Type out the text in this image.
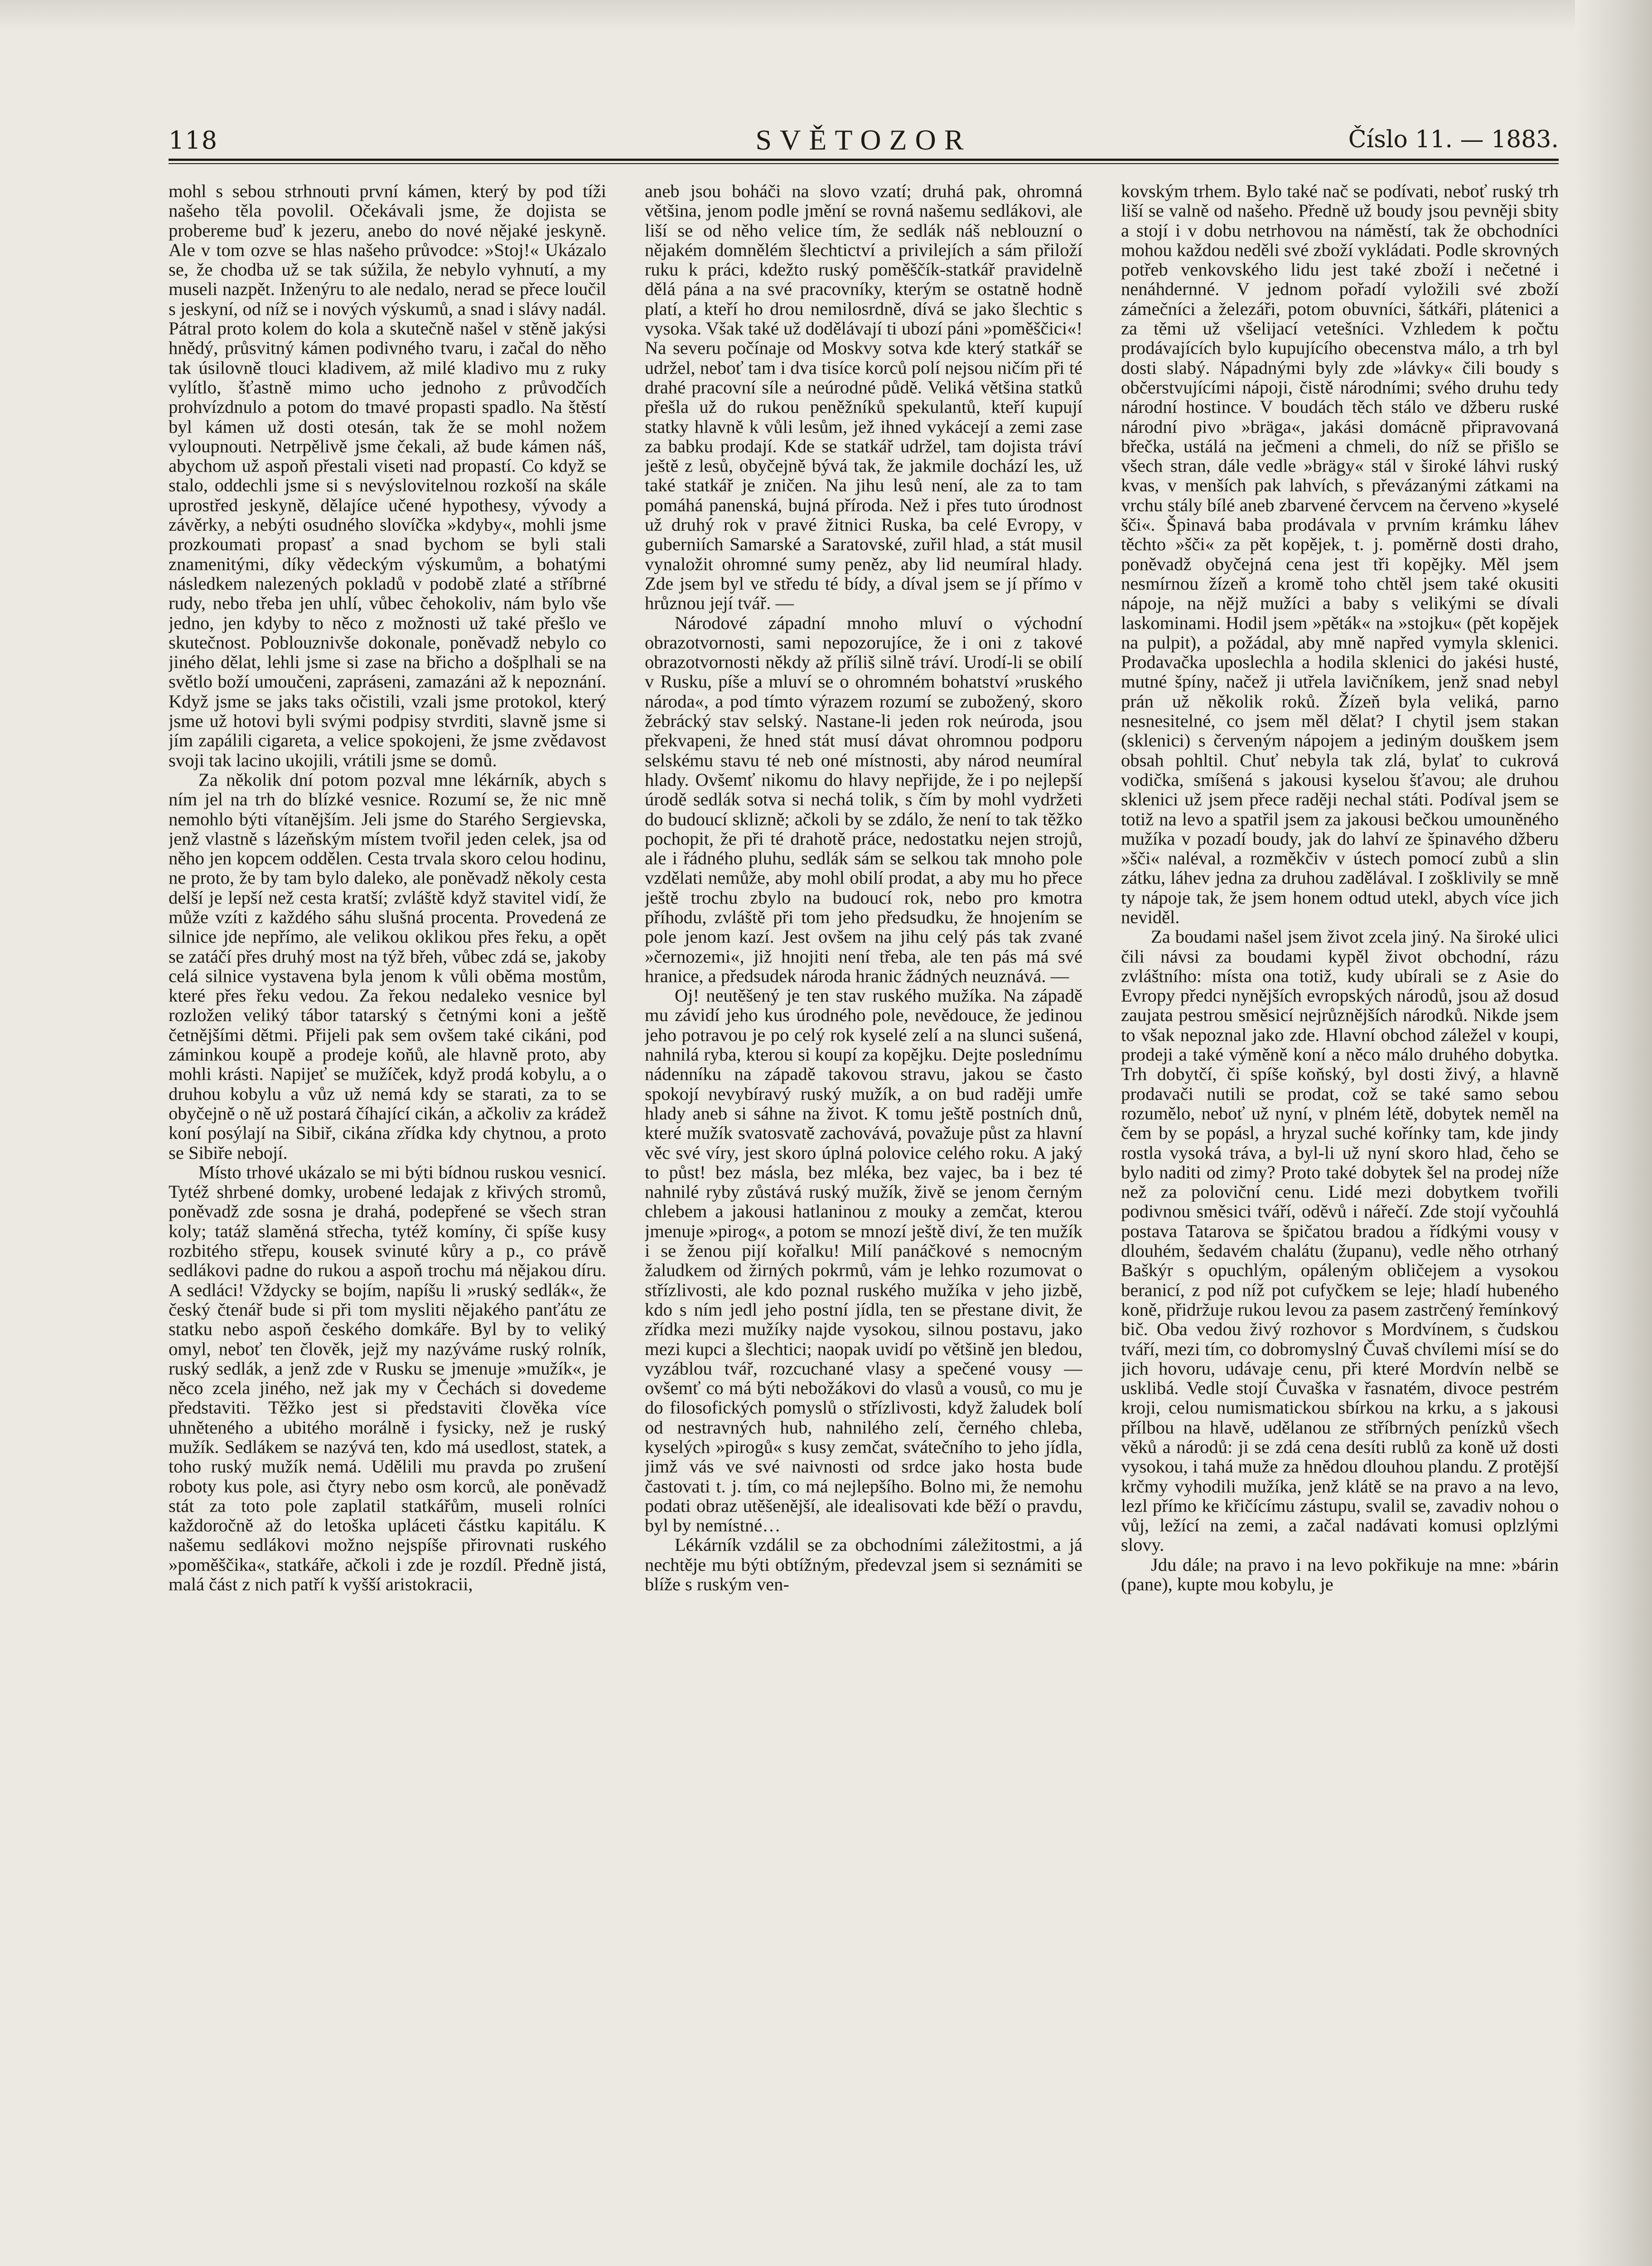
118	SVĚTOZOR	Číslo 11. — 1883.

mohl s sebou strhnouti první kámen, který by pod tíži našeho těla povolil. Očekávali jsme, že dojista se probereme buď k jezeru, anebo do nové nějaké jeskyně. Ale v tom ozve se hlas našeho průvodce: »Stoj!« Ukázalo se, že chodba už se tak súžila, že nebylo vyhnutí, a my museli nazpět. Inženýru to ale nedalo, nerad se přece loučil s jeskyní, od níž se i nových výskumů, a snad i slávy nadál. Pátral proto kolem do kola a skutečně našel v stěně jakýsi hnědý, průsvitný kámen podivného tvaru, i začal do něho tak úsilovně tlouci kladivem, až milé kladivo mu z ruky vylítlo, šťastně mimo ucho jednoho z průvodčích prohvízdnulo a potom do tmavé propasti spadlo. Na štěstí byl kámen už dosti otesán, tak že se mohl nožem vyloupnouti. Netrpělivě jsme čekali, až bude kámen náš, abychom už aspoň přestali viseti nad propastí. Co když se stalo, oddechli jsme si s nevýslovitelnou rozkoší na skále uprostřed jeskyně, dělajíce učené hypothesy, vývody a závěrky, a nebýti osudného slovíčka »kdyby«, mohli jsme prozkoumati propasť a snad bychom se byli stali znamenitými, díky vědeckým výskumům, a bohatými následkem nalezených pokladů v podobě zlaté a stříbrné rudy, nebo třeba jen uhlí, vůbec čehokoliv, nám bylo vše jedno, jen kdyby to něco z možnosti už také přešlo ve skutečnost. Poblouznivše dokonale, poněvadž nebylo co jiného dělat, lehli jsme si zase na břicho a došplhali se na světlo boží umoučeni, zapráseni, zamazáni až k nepoznání. Když jsme se jaks taks očistili, vzali jsme protokol, který jsme už hotovi byli svými podpisy stvrditi, slavně jsme si jím zapálili cigareta, a velice spokojeni, že jsme zvědavost svoji tak lacino ukojili, vrátili jsme se domů.

Za několik dní potom pozval mne lékárník, abych s ním jel na trh do blízké vesnice. Rozumí se, že nic mně nemohlo býti vítanějším. Jeli jsme do Starého Sergievska, jenž vlastně s lázeňským místem tvořil jeden celek, jsa od něho jen kopcem oddělen. Cesta trvala skoro celou hodinu, ne proto, že by tam bylo daleko, ale poněvadž několy cesta delší je lepší než cesta kratší; zvláště když stavitel vidí, že může vzíti z každého sáhu slušná procenta. Provedená ze silnice jde nepřímo, ale velikou oklikou přes řeku, a opět se zatáčí přes druhý most na týž břeh, vůbec zdá se, jakoby celá silnice vystavena byla jenom k vůli oběma mostům, které přes řeku vedou. Za řekou nedaleko vesnice byl rozložen veliký tábor tatarský s četnými koni a ještě četnějšími dětmi. Přijeli pak sem ovšem také cikáni, pod záminkou koupě a prodeje koňů, ale hlavně proto, aby mohli krásti. Napijeť se mužíček, když prodá kobylu, a o druhou kobylu a vůz už nemá kdy se starati, za to se obyčejně o ně už postará číhající cikán, a ačkoliv za krádež koní posýlají na Sibiř, cikána zřídka kdy chytnou, a proto se Sibiře nebojí.

Místo trhové ukázalo se mi býti bídnou ruskou vesnicí. Tytéž shrbené domky, urobené ledajak z křivých stromů, poněvadž zde sosna je drahá, podepřené se všech stran koly; tatáž slaměná střecha, tytéž komíny, či spíše kusy rozbitého střepu, kousek svinuté kůry a p., co právě sedlákovi padne do rukou a aspoň trochu má nějakou díru. A sedláci! Vždycky se bojím, napíšu li »ruský sedlák«, že český čtenář bude si při tom mysliti nějakého panťátu ze statku nebo aspoň českého domkáře. Byl by to veliký omyl, neboť ten člověk, jejž my nazýváme ruský rolník, ruský sedlák, a jenž zde v Rusku se jmenuje »mužík«, je něco zcela jiného, než jak my v Čechách si dovedeme představiti. Těžko jest si představiti člověka více uhněteného a ubitého morálně i fysicky, než je ruský mužík. Sedlákem se nazývá ten, kdo má usedlost, statek, a toho ruský mužík nemá. Udělili mu pravda po zrušení roboty kus pole, asi čtyry nebo osm korců, ale poněvadž stát za toto pole zaplatil statkářům, museli rolníci každoročně až do letoška upláceti částku kapitálu. K našemu sedlákovi možno nejspíše přirovnati ruského »poměščika«, statkáře, ačkoli i zde je rozdíl. Předně jistá, malá část z nich patří k vyšší aristokracii,

aneb jsou boháči na slovo vzatí; druhá pak, ohromná většina, jenom podle jmění se rovná našemu sedlákovi, ale liší se od něho velice tím, že sedlák náš neblouzní o nějakém domnělém šlechtictví a privilejích a sám přiloží ruku k práci, kdežto ruský poměščík-statkář pravidelně dělá pána a na své pracovníky, kterým se ostatně hodně platí, a kteří ho drou nemilosrdně, dívá se jako šlechtic s vysoka. Však také už dodělávají ti ubozí páni »poměščici«! Na severu počínaje od Moskvy sotva kde který statkář se udržel, neboť tam i dva tisíce korců polí nejsou ničím při té drahé pracovní síle a neúrodné půdě. Veliká většina statků přešla už do rukou peněžníků spekulantů, kteří kupují statky hlavně k vůli lesům, jež ihned vykácejí a zemi zase za babku prodají. Kde se statkář udržel, tam dojista tráví ještě z lesů, obyčejně bývá tak, že jakmile dochází les, už také statkář je zničen. Na jihu lesů není, ale za to tam pomáhá panenská, bujná příroda. Než i přes tuto úrodnost už druhý rok v pravé žitnici Ruska, ba celé Evropy, v guberniích Samarské a Saratovské, zuřil hlad, a stát musil vynaložit ohromné sumy peněz, aby lid neumíral hlady. Zde jsem byl ve středu té bídy, a díval jsem se jí přímo v hrůznou její tvář. —

Národové západní mnoho mluví o východní obrazotvornosti, sami nepozorujíce, že i oni z takové obrazotvornosti někdy až příliš silně tráví. Urodí-li se obilí v Rusku, píše a mluví se o ohromném bohatství »ruského národa«, a pod tímto výrazem rozumí se zubožený, skoro žebrácký stav selský. Nastane-li jeden rok neúroda, jsou překvapeni, že hned stát musí dávat ohromnou podporu selskému stavu té neb oné místnosti, aby národ neumíral hlady. Ovšemť nikomu do hlavy nepřijde, že i po nejlepší úrodě sedlák sotva si nechá tolik, s čím by mohl vydržeti do budoucí sklizně; ačkoli by se zdálo, že není to tak těžko pochopit, že při té drahotě práce, nedostatku nejen strojů, ale i řádného pluhu, sedlák sám se selkou tak mnoho pole vzdělati nemůže, aby mohl obilí prodat, a aby mu ho přece ještě trochu zbylo na budoucí rok, nebo pro kmotra příhodu, zvláště při tom jeho předsudku, že hnojením se pole jenom kazí. Jest ovšem na jihu celý pás tak zvané »černozemi«, již hnojiti není třeba, ale ten pás má své hranice, a předsudek národa hranic žádných neuznává. —

Oj! neutěšený je ten stav ruského mužíka. Na západě mu závidí jeho kus úrodného pole, nevědouce, že jedinou jeho potravou je po celý rok kyselé zelí a na slunci sušená, nahnilá ryba, kterou si koupí za kopějku. Dejte poslednímu nádenníku na západě takovou stravu, jakou se často spokojí nevybíravý ruský mužík, a on bud raději umře hlady aneb si sáhne na život. K tomu ještě postních dnů, které mužík svatosvatě zachovává, považuje půst za hlavní věc své víry, jest skoro úplná polovice celého roku. A jaký to půst! bez másla, bez mléka, bez vajec, ba i bez té nahnilé ryby zůstává ruský mužík, živě se jenom černým chlebem a jakousi hatlaninou z mouky a zemčat, kterou jmenuje »pirog«, a potom se mnozí ještě diví, že ten mužík i se ženou pijí kořalku! Milí panáčkové s nemocným žaludkem od žirných pokrmů, vám je lehko rozumovat o střízlivosti, ale kdo poznal ruského mužíka v jeho jizbě, kdo s ním jedl jeho postní jídla, ten se přestane divit, že zřídka mezi mužíky najde vysokou, silnou postavu, jako mezi kupci a šlechtici; naopak uvidí po většině jen bledou, vyzáblou tvář, rozcuchané vlasy a spečené vousy — ovšemť co má býti nebožákovi do vlasů a vousů, co mu je do filosofických pomyslů o střízlivosti, když žaludek bolí od nestravných hub, nahnilého zelí, černého chleba, kyselých »pirogů« s kusy zemčat, svátečního to jeho jídla, jimž vás ve své naivnosti od srdce jako hosta bude častovati t. j. tím, co má nejlepšího. Bolno mi, že nemohu podati obraz utěšenější, ale idealisovati kde běží o pravdu, byl by nemístné…

Lékárník vzdálil se za obchodními záležitostmi, a já nechtěje mu býti obtížným, předevzal jsem si seznámiti se blíže s ruským ven-

kovským trhem. Bylo také nač se podívati, neboť ruský trh liší se valně od našeho. Předně už boudy jsou pevněji sbity a stojí i v dobu netrhovou na náměstí, tak že obchodníci mohou každou neděli své zboží vykládati. Podle skrovných potřeb venkovského lidu jest také zboží i nečetné i nenáhdernné. V jednom pořadí vyložili své zboží zámečníci a železáři, potom obuvníci, šátkáři, plátenici a za těmi už všelijací vetešníci. Vzhledem k počtu prodávajících bylo kupujícího obecenstva málo, a trh byl dosti slabý. Nápadnými byly zde »lávky« čili boudy s občerstvujícími nápoji, čistě národními; svého druhu tedy národní hostince. V boudách těch stálo ve džberu ruské národní pivo »bräga«, jakási domácně připravovaná břečka, ustálá na ječmeni a chmeli, do níž se přišlo se všech stran, dále vedle »brägy« stál v široké láhvi ruský kvas, v menších pak lahvích, s převázanými zátkami na vrchu stály bílé aneb zbarvené červcem na červeno »kyselé šči«. Špinavá baba prodávala v prvním krámku láhev těchto »šči« za pět kopějek, t. j. poměrně dosti draho, poněvadž obyčejná cena jest tři kopějky. Měl jsem nesmírnou žízeň a kromě toho chtěl jsem také okusiti nápoje, na nějž mužíci a baby s velikými se dívali laskominami. Hodil jsem »pěták« na »stojku« (pět kopějek na pulpit), a požádal, aby mně napřed vymyla sklenici. Prodavačka uposlechla a hodila sklenici do jakési husté, mutné špíny, načež ji utřela lavičníkem, jenž snad nebyl prán už několik roků. Žízeň byla veliká, parno nesnesitelné, co jsem měl dělat? I chytil jsem stakan (sklenici) s červeným nápojem a jediným douškem jsem obsah pohltil. Chuť nebyla tak zlá, bylať to cukrová vodička, smíšená s jakousi kyselou šťavou; ale druhou sklenici už jsem přece raději nechal státi. Podíval jsem se totiž na levo a spatřil jsem za jakousi bečkou umouněného mužíka v pozadí boudy, jak do lahví ze špinavého džberu »šči« naléval, a rozměkčiv v ústech pomocí zubů a slin zátku, láhev jedna za druhou zadělával. I zošklivily se mně ty nápoje tak, že jsem honem odtud utekl, abych více jich neviděl.

Za boudami našel jsem život zcela jiný. Na široké ulici čili návsi za boudami kypěl život obchodní, rázu zvláštního: místa ona totiž, kudy ubírali se z Asie do Evropy předci nynějších evropských národů, jsou až dosud zaujata pestrou směsicí nejrůznějších národků. Nikde jsem to však nepoznal jako zde. Hlavní obchod záležel v koupi, prodeji a také výměně koní a něco málo druhého dobytka. Trh dobytčí, či spíše koňský, byl dosti živý, a hlavně prodavači nutili se prodat, což se také samo sebou rozumělo, neboť už nyní, v plném létě, dobytek neměl na čem by se popásl, a hryzal suché kořínky tam, kde jindy rostla vysoká tráva, a byl-li už nyní skoro hlad, čeho se bylo naditi od zimy? Proto také dobytek šel na prodej níže než za poloviční cenu. Lidé mezi dobytkem tvořili podivnou směsici tváří, oděvů i nářečí. Zde stojí vyčouhlá postava Tatarova se špičatou bradou a řídkými vousy v dlouhém, šedavém chalátu (županu), vedle něho otrhaný Baškýr s opuchlým, opáleným obličejem a vysokou beranicí, z pod níž pot cufyčkem se leje; hladí hubeného koně, přidržuje rukou levou za pasem zastrčený řemínkový bič. Oba vedou živý rozhovor s Mordvínem, s čudskou tváří, mezi tím, co dobromyslný Čuvaš chvílemi mísí se do jich hovoru, udávaje cenu, při které Mordvín nelbě se usklibá. Vedle stojí Čuvaška v řasnatém, divoce pestrém kroji, celou numismatickou sbírkou na krku, a s jakousi přílbou na hlavě, udělanou ze stříbrných penízků všech věků a národů: ji se zdá cena desíti rublů za koně už dosti vysokou, i tahá muže za hnědou dlouhou plandu. Z protější krčmy vyhodili mužíka, jenž klátě se na pravo a na levo, lezl přímo ke křičícímu zástupu, svalil se, zavadiv nohou o vůj, ležící na zemi, a začal nadávati komusi oplzlými slovy.

Jdu dále; na pravo i na levo pokřikuje na mne: »bárin (pane), kupte mou kobylu, je
